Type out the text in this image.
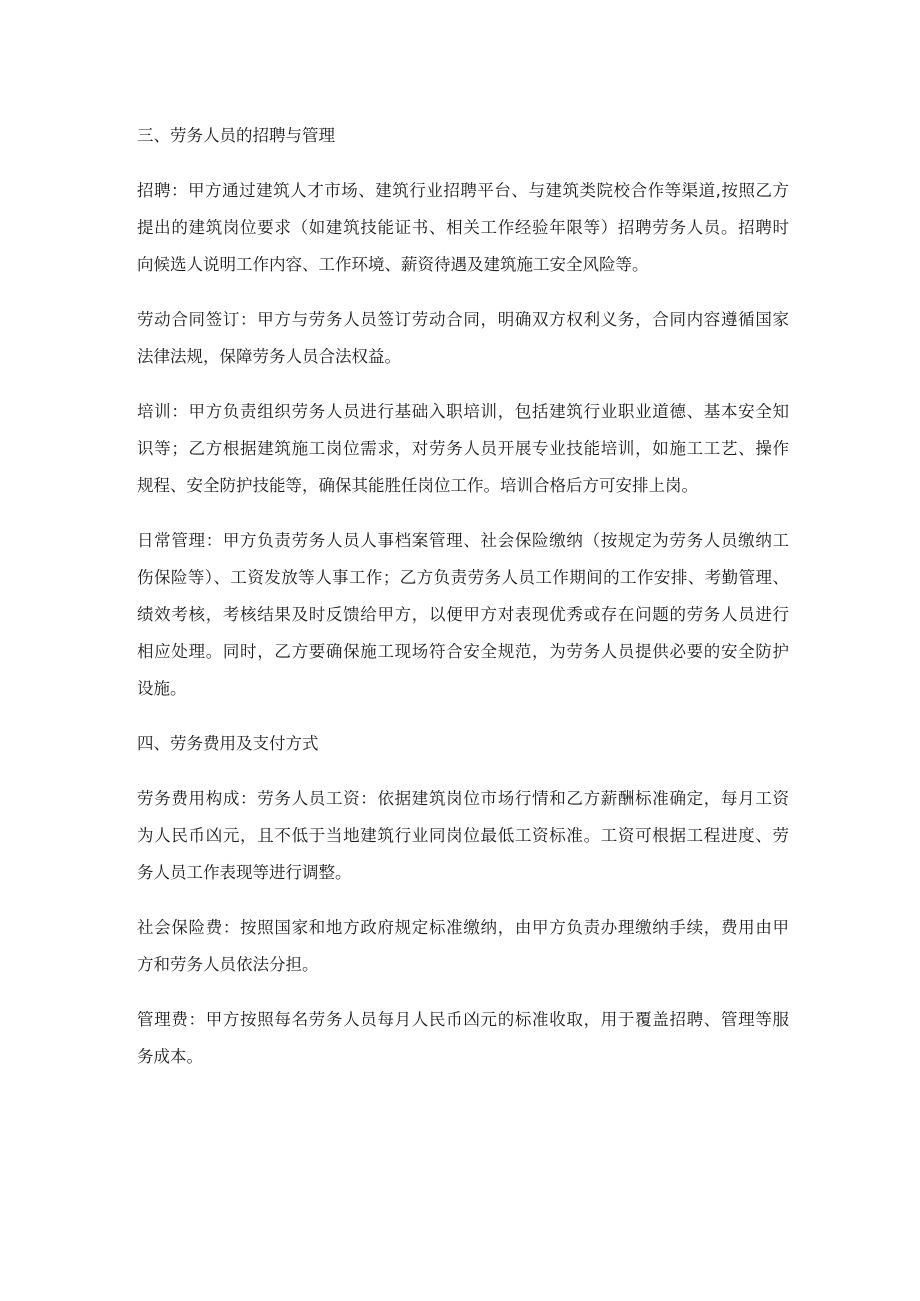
三、劳务人员的招聘与管理
招聘：甲方通过建筑人才市场、建筑行业招聘平台、与建筑类院校合作等渠道,按照乙方
提出的建筑岗位要求（如建筑技能证书、相关工作经验年限等）招聘劳务人员。招聘时
向候选人说明工作内容、工作环境、薪资待遇及建筑施工安全风险等。
劳动合同签订：甲方与劳务人员签订劳动合同，明确双方权利义务，合同内容遵循国家
法律法规，保障劳务人员合法权益。
培训：甲方负责组织劳务人员进行基础入职培训，包括建筑行业职业道德、基本安全知
识等；乙方根据建筑施工岗位需求，对劳务人员开展专业技能培训，如施工工艺、操作
规程、安全防护技能等，确保其能胜任岗位工作。培训合格后方可安排上岗。
日常管理：甲方负责劳务人员人事档案管理、社会保险缴纳（按规定为劳务人员缴纳工
伤保险等）、工资发放等人事工作；乙方负责劳务人员工作期间的工作安排、考勤管理、
绩效考核，考核结果及时反馈给甲方，以便甲方对表现优秀或存在问题的劳务人员进行
相应处理。同时，乙方要确保施工现场符合安全规范，为劳务人员提供必要的安全防护
设施。
四、劳务费用及支付方式
劳务费用构成：劳务人员工资：依据建筑岗位市场行情和乙方薪酬标准确定，每月工资
为人民币凶元，且不低于当地建筑行业同岗位最低工资标准。工资可根据工程进度、劳
务人员工作表现等进行调整。
社会保险费：按照国家和地方政府规定标准缴纳，由甲方负责办理缴纳手续，费用由甲
方和劳务人员依法分担。
管理费：甲方按照每名劳务人员每月人民币凶元的标准收取，用于覆盖招聘、管理等服
务成本。
